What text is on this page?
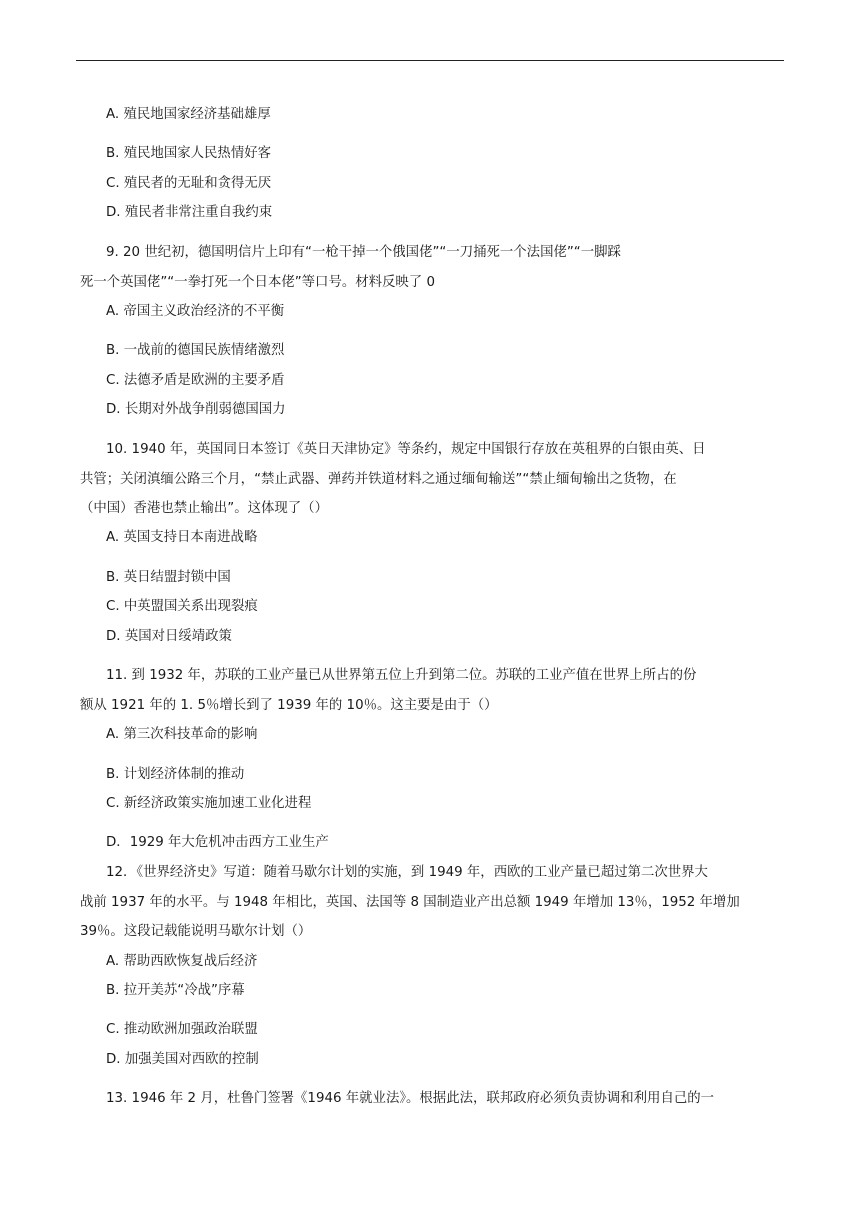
A. 殖民地国家经济基础雄厚
B. 殖民地国家人民热情好客
C. 殖民者的无耻和贪得无厌
D. 殖民者非常注重自我约束
9. 20 世纪初，德国明信片上印有“一枪干掉一个俄国佬”“一刀捅死一个法国佬”“一脚踩
死一个英国佬”“一拳打死一个日本佬”等口号。材料反映了 0
A. 帝国主义政治经济的不平衡
B. 一战前的德国民族情绪激烈
C. 法德矛盾是欧洲的主要矛盾
D. 长期对外战争削弱德国国力
10. 1940 年，英国同日本签订《英日天津协定》等条约，规定中国银行存放在英租界的白银由英、日
共管；关闭滇缅公路三个月，“禁止武器、弹药并铁道材料之通过缅甸输送”“禁止缅甸输出之货物，在
（中国）香港也禁止输出”。这体现了（）
A. 英国支持日本南进战略
B. 英日结盟封锁中国
C. 中英盟国关系出现裂痕
D. 英国对日绥靖政策
11. 到 1932 年，苏联的工业产量已从世界第五位上升到第二位。苏联的工业产值在世界上所占的份
额从 1921 年的 1. 5％增长到了 1939 年的 10％。这主要是由于（）
A. 第三次科技革命的影响
B. 计划经济体制的推动
C. 新经济政策实施加速工业化进程
D．1929 年大危机冲击西方工业生产
12．《世界经济史》写道：随着马歇尔计划的实施，到 1949 年，西欧的工业产量已超过第二次世界大
战前 1937 年的水平。与 1948 年相比，英国、法国等 8 国制造业产出总额 1949 年增加 13％，1952 年增加
39％。这段记载能说明马歇尔计划（）
A. 帮助西欧恢复战后经济
B. 拉开美苏“冷战”序幕
C. 推动欧洲加强政治联盟
D. 加强美国对西欧的控制
13. 1946 年 2 月，杜鲁门签署《1946 年就业法》。根据此法，联邦政府必须负责协调和利用自己的一
